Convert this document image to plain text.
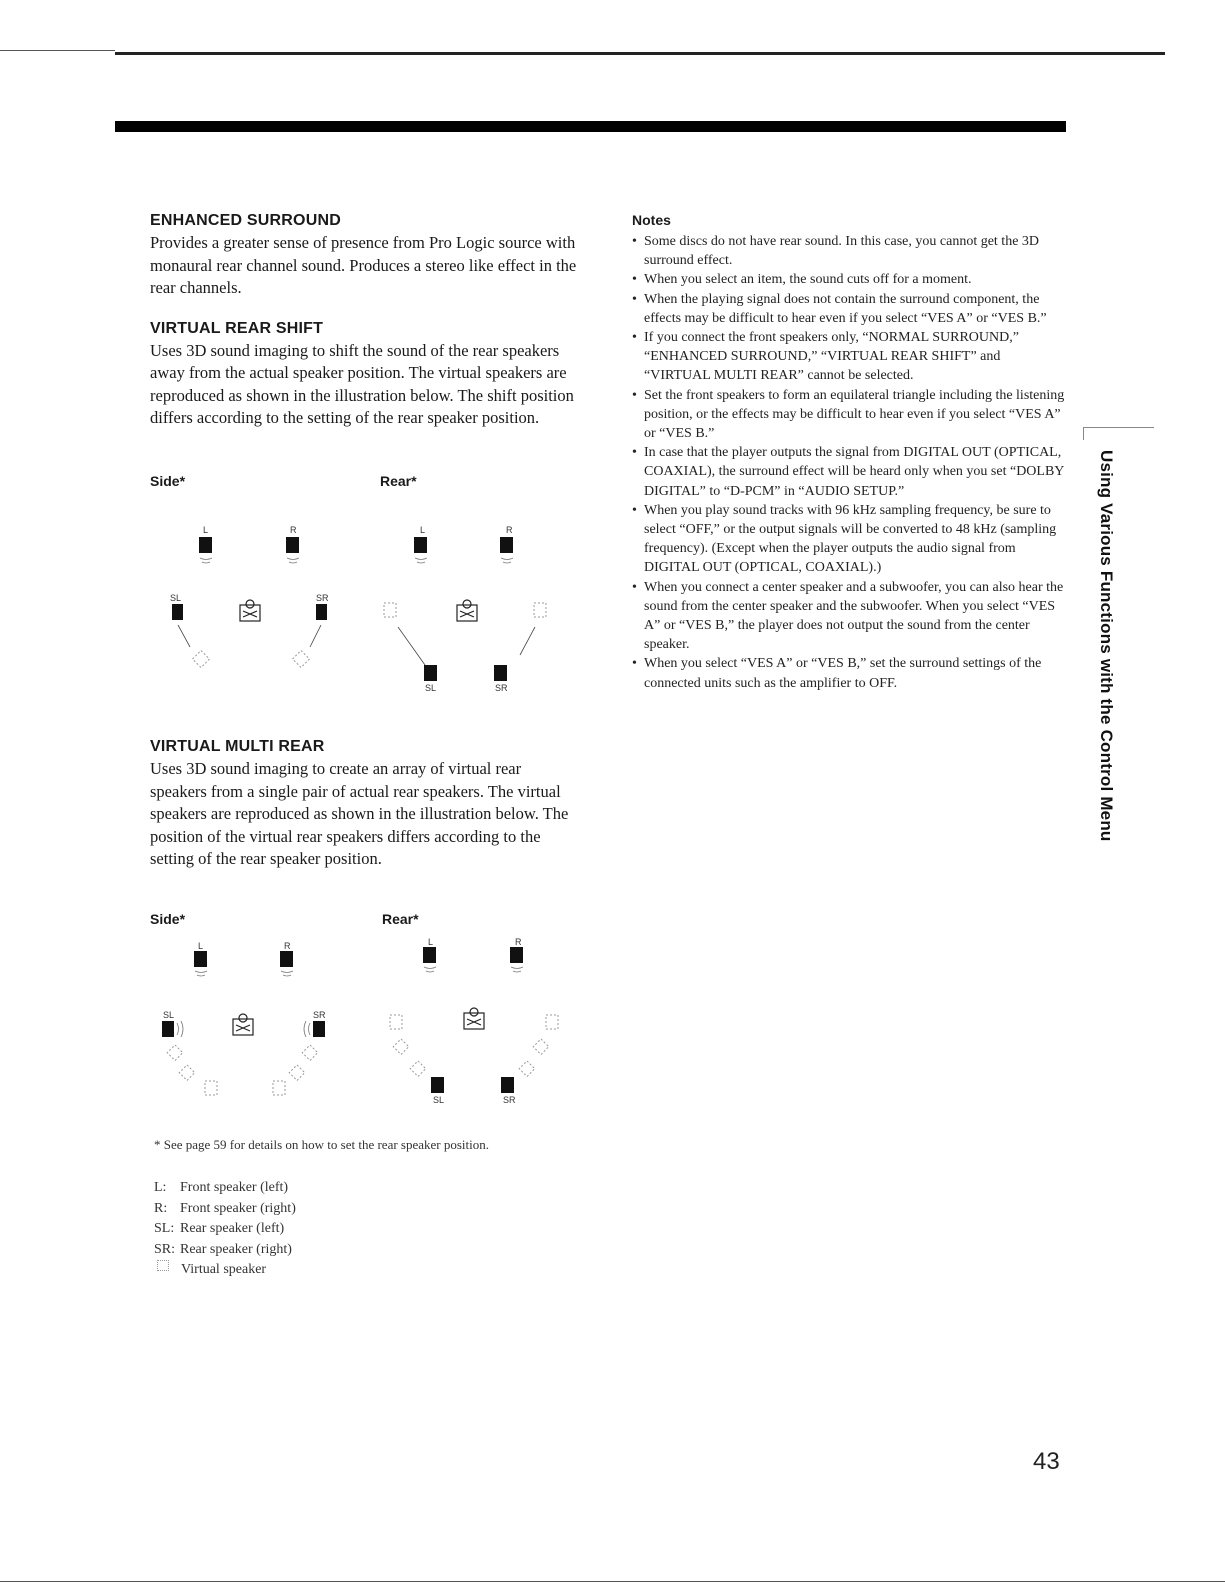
ENHANCED SURROUND

Provides a greater sense of presence from Pro Logic source with monaural rear channel sound. Produces a stereo like effect in the rear channels.

VIRTUAL REAR SHIFT

Uses 3D sound imaging to shift the sound of the rear speakers away from the actual speaker position. The virtual speakers are reproduced as shown in the illustration below. The shift position differs according to the setting of the rear speaker position.

Side*	Rear*
L	R
SL	SR
L	R
SL	SR
VIRTUAL MULTI REAR

Uses 3D sound imaging to create an array of virtual rear speakers from a single pair of actual rear speakers. The virtual speakers are reproduced as shown in the illustration below. The position of the virtual rear speakers differs according to the setting of the rear speaker position.

Side*	Rear*
L	R
SL	SR
L	R
SL	SR
Notes
• Some discs do not have rear sound. In this case, you cannot get the 3D surround effect.
• When you select an item, the sound cuts off for a moment.
• When the playing signal does not contain the surround component, the effects may be difficult to hear even if you select “VES A” or “VES B.”
• If you connect the front speakers only, “NORMAL SURROUND,” “ENHANCED SURROUND,” “VIRTUAL REAR SHIFT” and “VIRTUAL MULTI REAR” cannot be selected.
• Set the front speakers to form an equilateral triangle including the listening position, or the effects may be difficult to hear even if you select “VES A” or “VES B.”
• In case that the player outputs the signal from DIGITAL OUT (OPTICAL, COAXIAL), the surround effect will be heard only when you set “DOLBY DIGITAL” to “D-PCM” in “AUDIO SETUP.”
• When you play sound tracks with 96 kHz sampling frequency, be sure to select “OFF,” or the output signals will be converted to 48 kHz (sampling frequency). (Except when the player outputs the audio signal from DIGITAL OUT (OPTICAL, COAXIAL).)
• When you connect a center speaker and a subwoofer, you can also hear the sound from the center speaker and the subwoofer. When you select “VES A” or “VES B,” the player does not output the sound from the center speaker.
• When you select “VES A” or “VES B,” set the surround settings of the connected units such as the amplifier to OFF.
* See page 59 for details on how to set the rear speaker position.
L: Front speaker (left)
R: Front speaker (right)
SL: Rear speaker (left)
SR: Rear speaker (right)
Virtual speaker
Using Various Functions with the Control Menu
43
